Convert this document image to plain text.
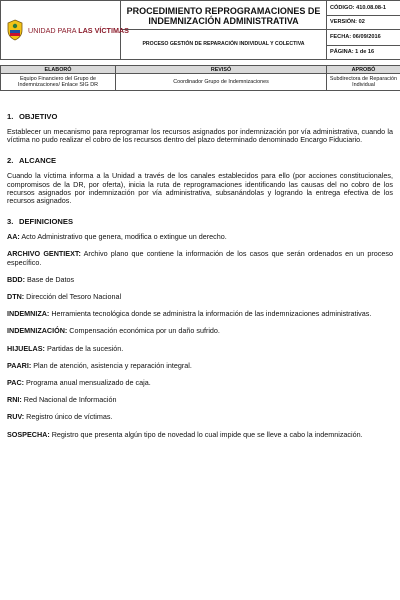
UNIDAD PARA LAS VÍCTIMAS	PROCEDIMIENTO REPROGRAMACIONES DE INDEMNIZACIÓN ADMINISTRATIVA	CÓDIGO: 410.08.08-1
		VERSIÓN: 02

	PROCESO GESTIÓN DE REPARACIÓN INDIVIDUAL Y COLECTIVA	FECHA: 06/09/2016
		PÁGINA: 1 de 16
ELABORÓ	REVISÓ	APROBÓ
Equipo Financiero del Grupo de Indemnizaciones/ Enlace SIG DR	Coordinador Grupo de Indemnizaciones	Subdirectora de Reparación Individual
1. OBJETIVO

Establecer un mecanismo para reprogramar los recursos asignados por indemnización por vía administrativa, cuando la víctima no pudo realizar el cobro de los recursos dentro del plazo determinado denominado Encargo Fiduciario.

2. ALCANCE

Cuando la víctima informa a la Unidad a través de los canales establecidos para ello (por acciones constitucionales, compromisos de la DR, por oferta), inicia la ruta de reprogramaciones identificando las causas del no cobro de los recursos asignados por indemnización por vía administrativa, subsanándolas y logrando la entrega efectiva de los recursos asignados.

3. DEFINICIONES

AA: Acto Administrativo que genera, modifica o extingue un derecho.

ARCHIVO GENTIEXT: Archivo plano que contiene la información de los casos que serán ordenados en un proceso específico.

BDD: Base de Datos

DTN: Dirección del Tesoro Nacional

INDEMNIZA: Herramienta tecnológica donde se administra la información de las indemnizaciones administrativas.

INDEMNIZACIÓN: Compensación económica por un daño sufrido.

HIJUELAS: Partidas de la sucesión.

PAARI: Plan de atención, asistencia y reparación integral.

PAC: Programa anual mensualizado de caja.

RNI: Red Nacional de Información

RUV: Registro único de víctimas.

SOSPECHA: Registro que presenta algún tipo de novedad lo cual impide que se lleve a cabo la indemnización.
